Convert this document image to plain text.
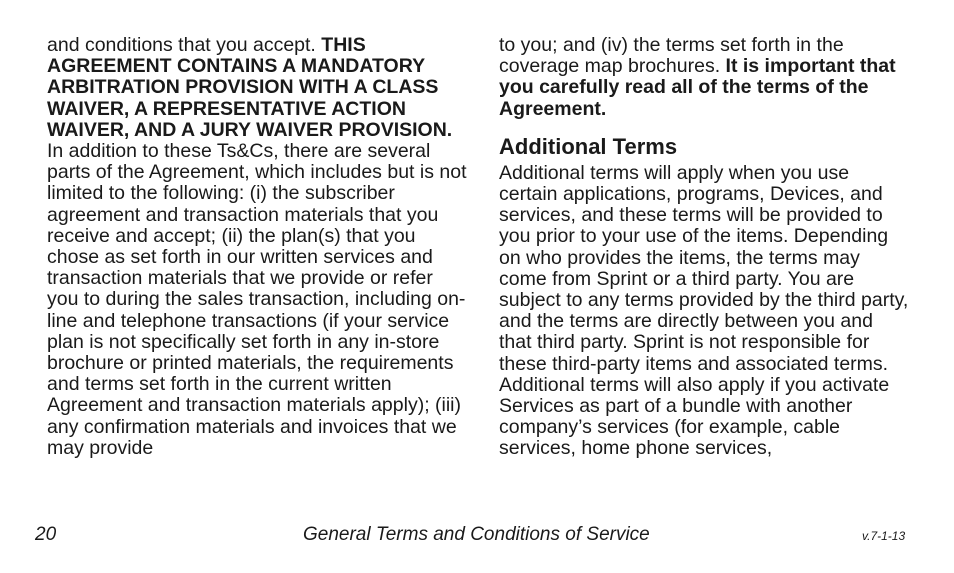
and conditions that you accept. THIS AGREEMENT CONTAINS A MANDATORY ARBITRATION PROVISION WITH A CLASS WAIVER, A REPRESENTATIVE ACTION WAIVER, AND A JURY WAIVER PROVISION.

In addition to these Ts&Cs, there are several parts of the Agreement, which includes but is not limited to the following: (i) the subscriber agreement and transaction materials that you receive and accept; (ii) the plan(s) that you chose as set forth in our written services and transaction materials that we provide or refer you to during the sales transaction, including on-line and telephone transactions (if your service plan is not specifically set forth in any in-store brochure or printed materials, the requirements and terms set forth in the current written Agreement and transaction materials apply); (iii) any confirmation materials and invoices that we may provide

to you; and (iv) the terms set forth in the coverage map brochures. It is important that you carefully read all of the terms of the Agreement.

Additional Terms

Additional terms will apply when you use certain applications, programs, Devices, and services, and these terms will be provided to you prior to your use of the items. Depending on who provides the items, the terms may come from Sprint or a third party. You are subject to any terms provided by the third party, and the terms are directly between you and that third party. Sprint is not responsible for these third-party items and associated terms. Additional terms will also apply if you activate Services as part of a bundle with another company’s services (for example, cable services, home phone services,

20	General Terms and Conditions of Service	v.7-1-13
